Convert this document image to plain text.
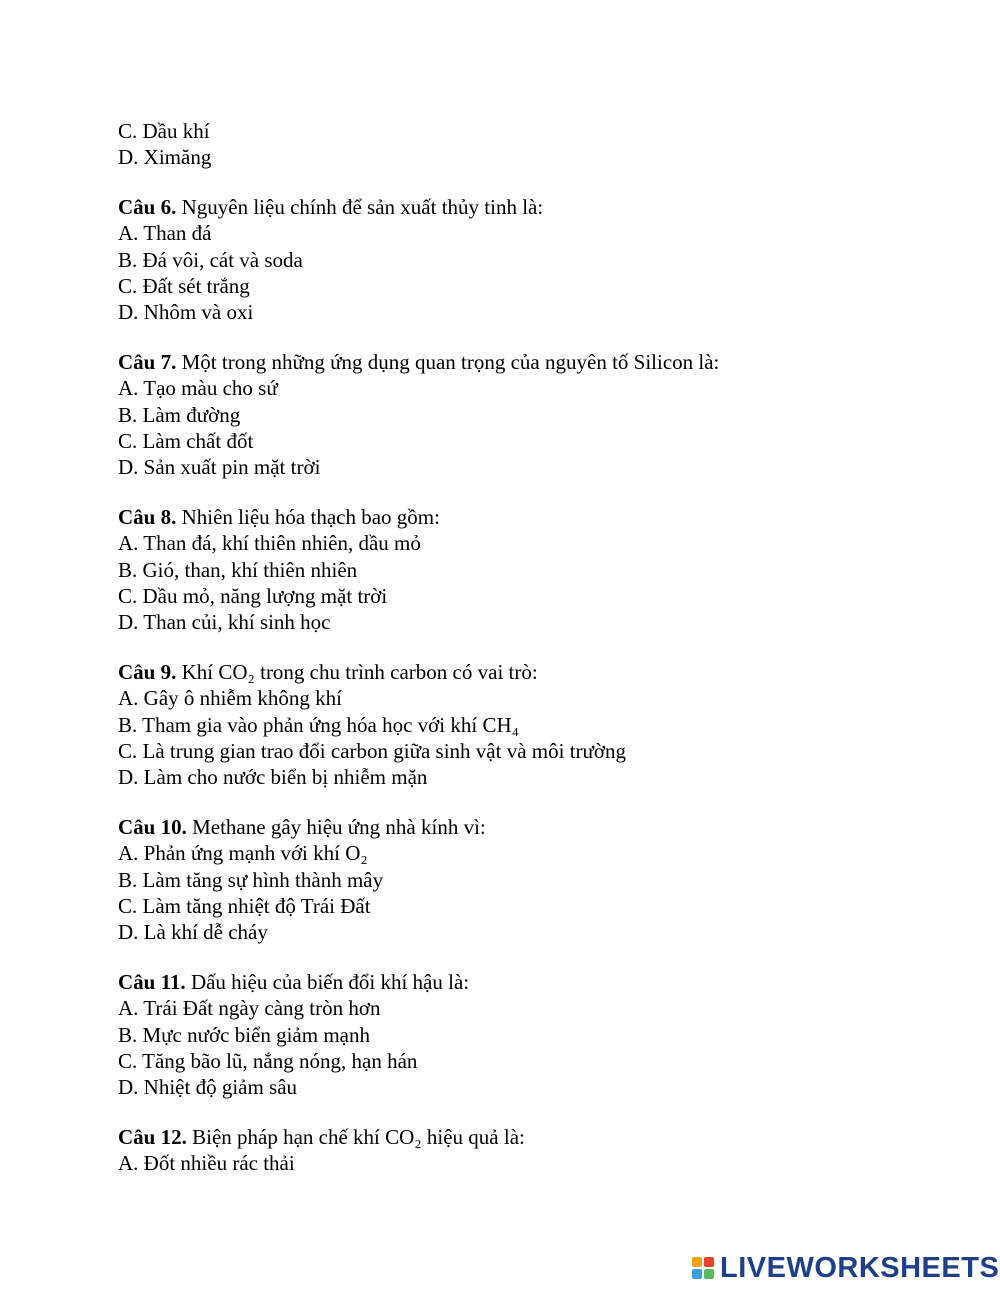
C. Dầu khí
D. Ximăng
Câu 6. Nguyên liệu chính để sản xuất thủy tinh là:
A. Than đá
B. Đá vôi, cát và soda
C. Đất sét trắng
D. Nhôm và oxi
Câu 7. Một trong những ứng dụng quan trọng của nguyên tố Silicon là:
A. Tạo màu cho sứ
B. Làm đường
C. Làm chất đốt
D. Sản xuất pin mặt trời
Câu 8. Nhiên liệu hóa thạch bao gồm:
A. Than đá, khí thiên nhiên, dầu mỏ
B. Gió, than, khí thiên nhiên
C. Dầu mỏ, năng lượng mặt trời
D. Than củi, khí sinh học
Câu 9. Khí CO₂ trong chu trình carbon có vai trò:
A. Gây ô nhiễm không khí
B. Tham gia vào phản ứng hóa học với khí CH₄
C. Là trung gian trao đổi carbon giữa sinh vật và môi trường
D. Làm cho nước biển bị nhiễm mặn
Câu 10. Methane gây hiệu ứng nhà kính vì:
A. Phản ứng mạnh với khí O₂
B. Làm tăng sự hình thành mây
C. Làm tăng nhiệt độ Trái Đất
D. Là khí dễ cháy
Câu 11. Dấu hiệu của biến đổi khí hậu là:
A. Trái Đất ngày càng tròn hơn
B. Mực nước biển giảm mạnh
C. Tăng bão lũ, nắng nóng, hạn hán
D. Nhiệt độ giảm sâu
Câu 12. Biện pháp hạn chế khí CO₂ hiệu quả là:
A. Đốt nhiều rác thải
LIVEWORKSHEETS
